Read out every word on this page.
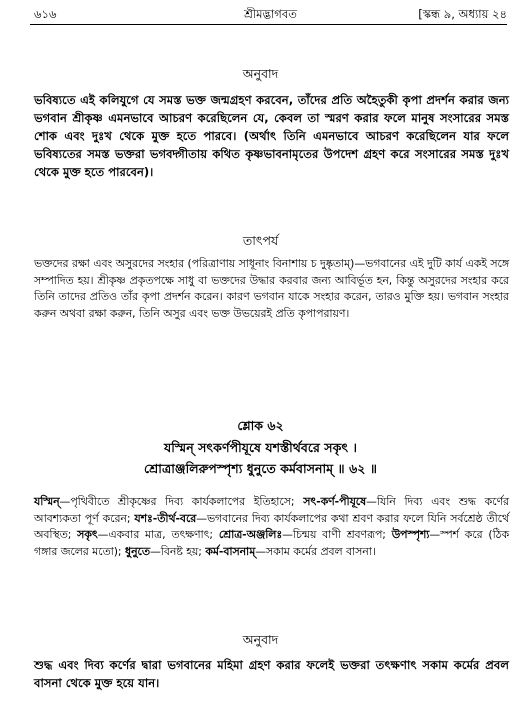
৬১৬	শ্রীমদ্ভাগবত	[স্কন্ধ ৯, অধ্যায় ২৪
অনুবাদ

ভবিষ্যতে এই কলিযুগে যে সমস্ত ভক্ত জন্মগ্রহণ করবেন, তাঁদের প্রতি অহৈতুকী কৃপা প্রদর্শন করার জন্য ভগবান শ্রীকৃষ্ণ এমনভাবে আচরণ করেছিলেন যে, কেবল তা স্মরণ করার ফলে মানুষ সংসারের সমস্ত শোক এবং দুঃখ থেকে মুক্ত হতে পারবে। (অর্থাৎ তিনি এমনভাবে আচরণ করেছিলেন যার ফলে ভবিষ্যতের সমস্ত ভক্তরা ভগবদ্গীতায় কথিত কৃষ্ণভাবনামৃতের উপদেশ গ্রহণ করে সংসারের সমস্ত দুঃখ থেকে মুক্ত হতে পারবেন)।

তাৎপর্য

ভক্তদের রক্ষা এবং অসুরদের সংহার (পরিত্রাণায় সাধূনাং বিনাশায় চ দুষ্কৃতাম্)—ভগবানের এই দুটি কার্য একই সঙ্গে সম্পাদিত হয়। শ্রীকৃষ্ণ প্রকৃতপক্ষে সাধু বা ভক্তদের উদ্ধার করবার জন্য আবির্ভূত হন, কিন্তু অসুরদের সংহার করে তিনি তাদের প্রতিও তাঁর কৃপা প্রদর্শন করেন। কারণ ভগবান যাকে সংহার করেন, তারও মুক্তি হয়। ভগবান সংহার করুন অথবা রক্ষা করুন, তিনি অসুর এবং ভক্ত উভয়েরই প্রতি কৃপাপরায়ণ।

শ্লোক ৬২
যস্মিন্ সৎকর্ণপীযূষে যশস্তীর্থবরে সকৃৎ ।
শ্রোত্রাঞ্জলিরুপস্পৃশ্য ধুনুতে কর্মবাসনাম্ ॥ ৬২ ॥

যস্মিন্—পৃথিবীতে শ্রীকৃষ্ণের দিব্য কার্যকলাপের ইতিহাসে; সৎ-কর্ণ-পীযূষে—যিনি দিব্য এবং শুদ্ধ কর্ণের আবশ্যকতা পূর্ণ করেন; যশঃ-তীর্থ-বরে—ভগবানের দিব্য কার্যকলাপের কথা শ্রবণ করার ফলে যিনি সর্বশ্রেষ্ঠ তীর্থে অবস্থিত; সকৃৎ—একবার মাত্র, তৎক্ষণাৎ; শ্রোত্র-অঞ্জলিঃ—চিন্ময় বাণী শ্রবণরূপ; উপস্পৃশ্য—স্পর্শ করে (ঠিক গঙ্গার জলের মতো); ধুনুতে—বিনষ্ট হয়; কর্ম-বাসনাম্—সকাম কর্মের প্রবল বাসনা।

অনুবাদ

শুদ্ধ এবং দিব্য কর্ণের দ্বারা ভগবানের মহিমা গ্রহণ করার ফলেই ভক্তরা তৎক্ষণাৎ সকাম কর্মের প্রবল বাসনা থেকে মুক্ত হয়ে যান।
